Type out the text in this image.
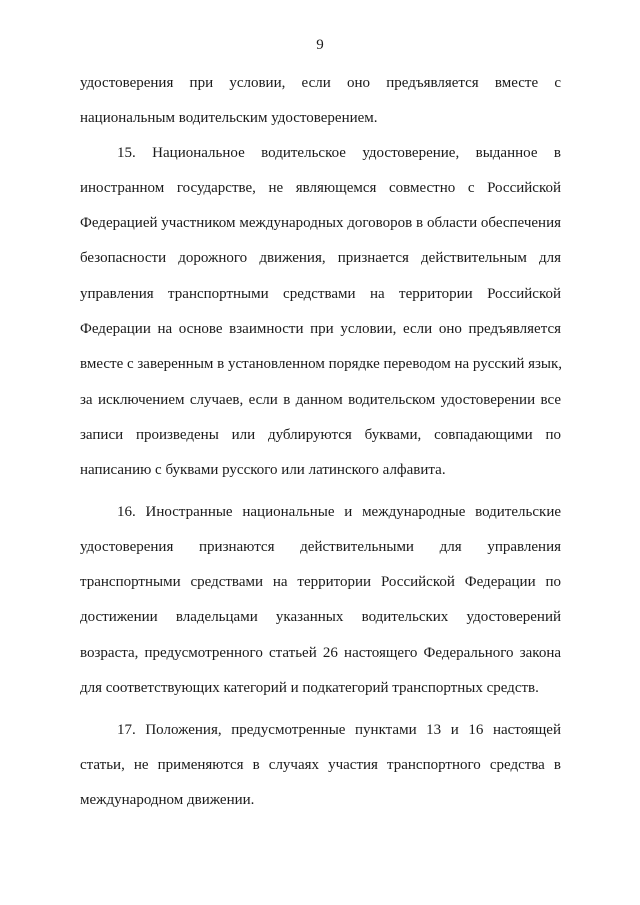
9
удостоверения при условии, если оно предъявляется вместе с
национальным водительским удостоверением.
15. Национальное водительское удостоверение, выданное в
иностранном государстве, не являющемся совместно с Российской
Федерацией участником международных договоров в области обеспечения
безопасности дорожного движения, признается действительным для
управления транспортными средствами на территории Российской
Федерации на основе взаимности при условии, если оно предъявляется
вместе с заверенным в установленном порядке переводом на русский язык,
за исключением случаев, если в данном водительском удостоверении все
записи произведены или дублируются буквами, совпадающими по
написанию с буквами русского или латинского алфавита.
16. Иностранные национальные и международные водительские
удостоверения признаются действительными для управления
транспортными средствами на территории Российской Федерации по
достижении владельцами указанных водительских удостоверений
возраста, предусмотренного статьей 26 настоящего Федерального закона
для соответствующих категорий и подкатегорий транспортных средств.
17. Положения, предусмотренные пунктами 13 и 16 настоящей
статьи, не применяются в случаях участия транспортного средства в
международном движении.
